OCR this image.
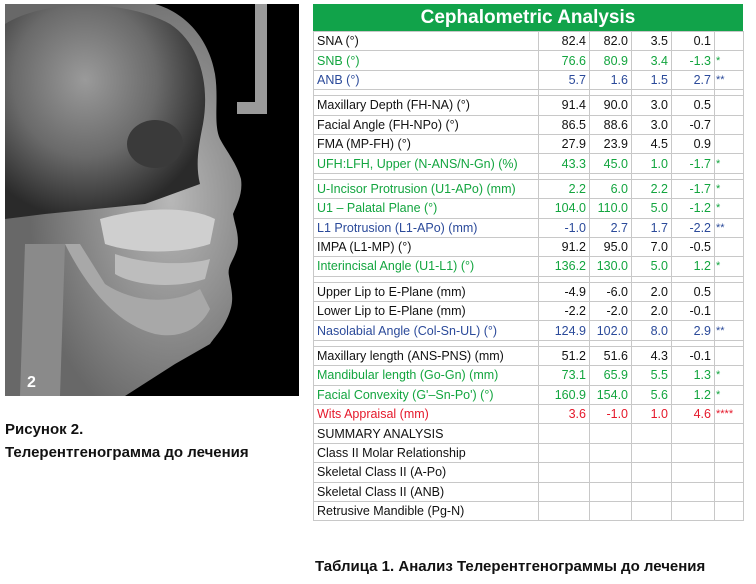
2
Рисунок 2.
Телерентгенограмма до лечения
Cephalometric Analysis
SNA (°)	82.4	82.0	3.5	0.1	
SNB (°)	76.6	80.9	3.4	-1.3	*
ANB (°)	5.7	1.6	1.5	2.7	**

Maxillary Depth (FH-NA) (°)	91.4	90.0	3.0	0.5	
Facial Angle (FH-NPo) (°)	86.5	88.6	3.0	-0.7	
FMA (MP-FH) (°)	27.9	23.9	4.5	0.9	
UFH:LFH, Upper (N-ANS/N-Gn) (%)	43.3	45.0	1.0	-1.7	*

U-Incisor Protrusion (U1-APo) (mm)	2.2	6.0	2.2	-1.7	*
U1 – Palatal Plane (°)	104.0	110.0	5.0	-1.2	*
L1 Protrusion (L1-APo) (mm)	-1.0	2.7	1.7	-2.2	**
IMPA (L1-MP) (°)	91.2	95.0	7.0	-0.5	
Interincisal Angle (U1-L1) (°)	136.2	130.0	5.0	1.2	*

Upper Lip to E-Plane (mm)	-4.9	-6.0	2.0	0.5	
Lower Lip to E-Plane (mm)	-2.2	-2.0	2.0	-0.1	
Nasolabial Angle (Col-Sn-UL) (°)	124.9	102.0	8.0	2.9	**

Maxillary length (ANS-PNS) (mm)	51.2	51.6	4.3	-0.1	
Mandibular length (Go-Gn) (mm)	73.1	65.9	5.5	1.3	*
Facial Convexity (G'–Sn-Po') (°)	160.9	154.0	5.6	1.2	*
Wits Appraisal (mm)	3.6	-1.0	1.0	4.6	****
SUMMARY ANALYSIS					
Class II Molar Relationship					
Skeletal Class II (A-Po)					
Skeletal Class II (ANB)					
Retrusive Mandible (Pg-N)					
Таблица 1. Анализ Телерентгенограммы до лечения
